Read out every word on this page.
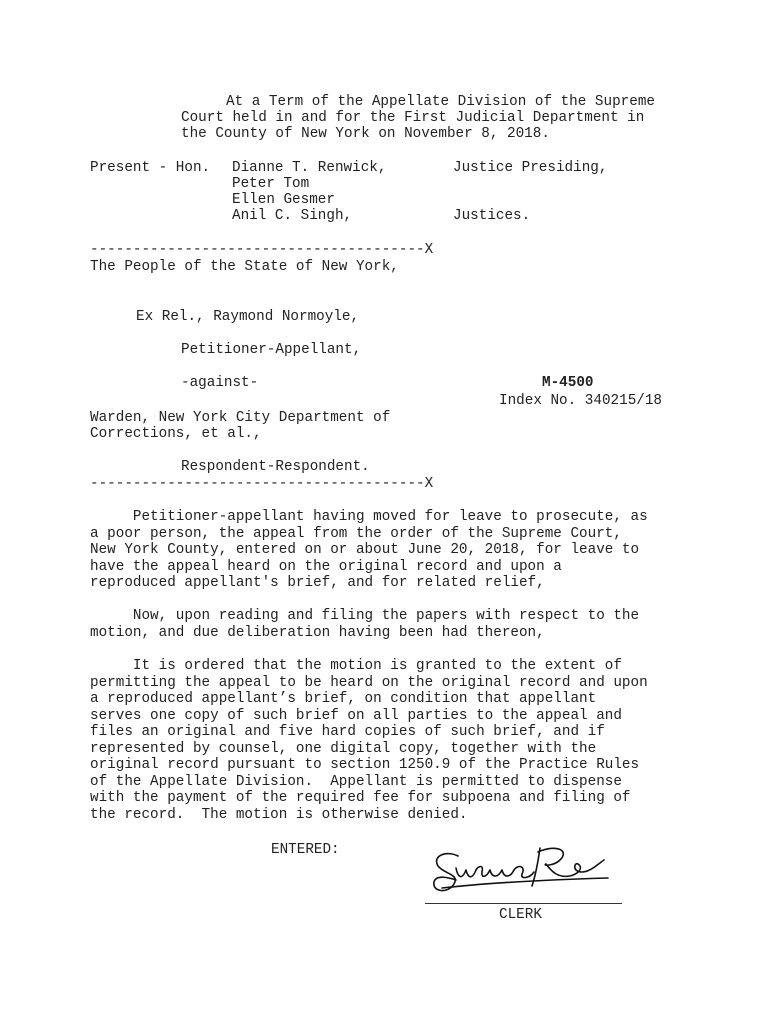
At a Term of the Appellate Division of the Supreme
Court held in and for the First Judicial Department in
the County of New York on November 8, 2018.
Present - Hon. Dianne T. Renwick,	Justice Presiding,
Peter Tom
Ellen Gesmer
Anil C. Singh,	Justices.
---------------------------------------X
The People of the State of New York,
Ex Rel., Raymond Normoyle,
Petitioner-Appellant,
-against-	M-4500
Index No. 340215/18
Warden, New York City Department of
Corrections, et al.,
Respondent-Respondent.
---------------------------------------X
Petitioner-appellant having moved for leave to prosecute, as
a poor person, the appeal from the order of the Supreme Court,
New York County, entered on or about June 20, 2018, for leave to
have the appeal heard on the original record and upon a
reproduced appellant's brief, and for related relief,
Now, upon reading and filing the papers with respect to the
motion, and due deliberation having been had thereon,
It is ordered that the motion is granted to the extent of
permitting the appeal to be heard on the original record and upon
a reproduced appellant’s brief, on condition that appellant
serves one copy of such brief on all parties to the appeal and
files an original and five hard copies of such brief, and if
represented by counsel, one digital copy, together with the
original record pursuant to section 1250.9 of the Practice Rules
of the Appellate Division.  Appellant is permitted to dispense
with the payment of the required fee for subpoena and filing of
the record.  The motion is otherwise denied.
ENTERED:
CLERK
